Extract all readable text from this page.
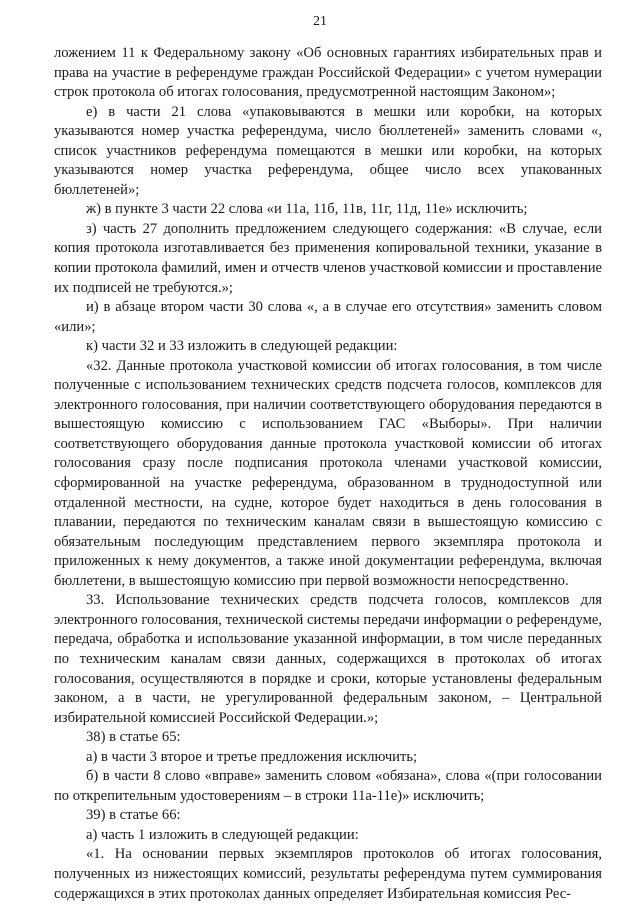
21

ложением 11 к Федеральному закону «Об основных гарантиях избирательных прав и права на участие в референдуме граждан Российской Федерации» с учетом нумерации строк протокола об итогах голосования, предусмотренной настоящим Законом»;

е) в части 21 слова «упаковываются в мешки или коробки, на которых указываются номер участка референдума, число бюллетеней» заменить словами «, список участников референдума помещаются в мешки или коробки, на которых указываются номер участка референдума, общее число всех упакованных бюллетеней»;

ж) в пункте 3 части 22 слова «и 11а, 11б, 11в, 11г, 11д, 11е» исключить;

з) часть 27 дополнить предложением следующего содержания: «В случае, если копия протокола изготавливается без применения копировальной техники, указание в копии протокола фамилий, имен и отчеств членов участковой комиссии и проставление их подписей не требуются.»;

и) в абзаце втором части 30 слова «, а в случае его отсутствия» заменить словом «или»;

к) части 32 и 33 изложить в следующей редакции:

«32. Данные протокола участковой комиссии об итогах голосования, в том числе полученные с использованием технических средств подсчета голосов, комплексов для электронного голосования, при наличии соответствующего оборудования передаются в вышестоящую комиссию с использованием ГАС «Выборы». При наличии соответствующего оборудования данные протокола участковой комиссии об итогах голосования сразу после подписания протокола членами участковой комиссии, сформированной на участке референдума, образованном в труднодоступной или отдаленной местности, на судне, которое будет находиться в день голосования в плавании, передаются по техническим каналам связи в вышестоящую комиссию с обязательным последующим представлением первого экземпляра протокола и приложенных к нему документов, а также иной документации референдума, включая бюллетени, в вышестоящую комиссию при первой возможности непосредственно.

33. Использование технических средств подсчета голосов, комплексов для электронного голосования, технической системы передачи информации о референдуме, передача, обработка и использование указанной информации, в том числе переданных по техническим каналам связи данных, содержащихся в протоколах об итогах голосования, осуществляются в порядке и сроки, которые установлены федеральным законом, а в части, не урегулированной федеральным законом, – Центральной избирательной комиссией Российской Федерации.»;

38) в статье 65:

а) в части 3 второе и третье предложения исключить;

б) в части 8 слово «вправе» заменить словом «обязана», слова «(при голосовании по открепительным удостоверениям – в строки 11а-11е)» исключить;

39) в статье 66:

а) часть 1 изложить в следующей редакции:

«1. На основании первых экземпляров протоколов об итогах голосования, полученных из нижестоящих комиссий, результаты референдума путем суммирования содержащихся в этих протоколах данных определяет Избирательная комиссия Рес-
